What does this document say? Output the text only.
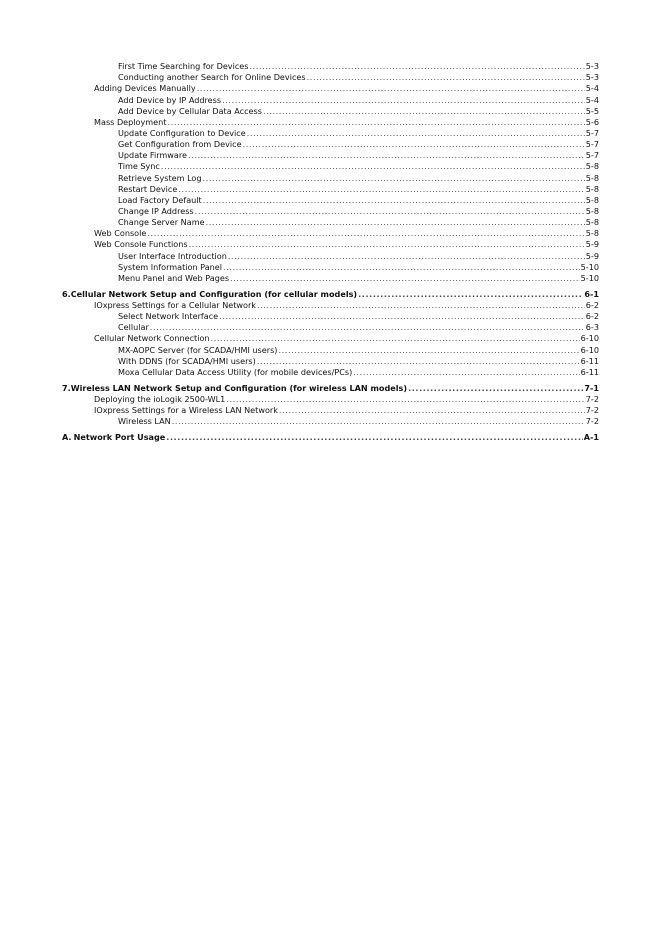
First Time Searching for Devices .....	5-3
Conducting another Search for Online Devices .....	5-3
Adding Devices Manually .....	5-4
Add Device by IP Address .....	5-4
Add Device by Cellular Data Access .....	5-5
Mass Deployment .....	5-6
Update Configuration to Device .....	5-7
Get Configuration from Device .....	5-7
Update Firmware .....	5-7
Time Sync .....	5-8
Retrieve System Log .....	5-8
Restart Device .....	5-8
Load Factory Default .....	5-8
Change IP Address .....	5-8
Change Server Name .....	5-8
Web Console .....	5-8
Web Console Functions .....	5-9
User Interface Introduction .....	5-9
System Information Panel .....	5-10
Menu Panel and Web Pages .....	5-10
6. Cellular Network Setup and Configuration (for cellular models) .....	6-1
IOxpress Settings for a Cellular Network .....	6-2
Select Network Interface .....	6-2
Cellular .....	6-3
Cellular Network Connection .....	6-10
MX-AOPC Server (for SCADA/HMI users) .....	6-10
With DDNS (for SCADA/HMI users) .....	6-11
Moxa Cellular Data Access Utility (for mobile devices/PCs) .....	6-11
7. Wireless LAN Network Setup and Configuration (for wireless LAN models) .....	7-1
Deploying the ioLogik 2500-WL1 .....	7-2
IOxpress Settings for a Wireless LAN Network .....	7-2
Wireless LAN .....	7-2
A. Network Port Usage .....	A-1
